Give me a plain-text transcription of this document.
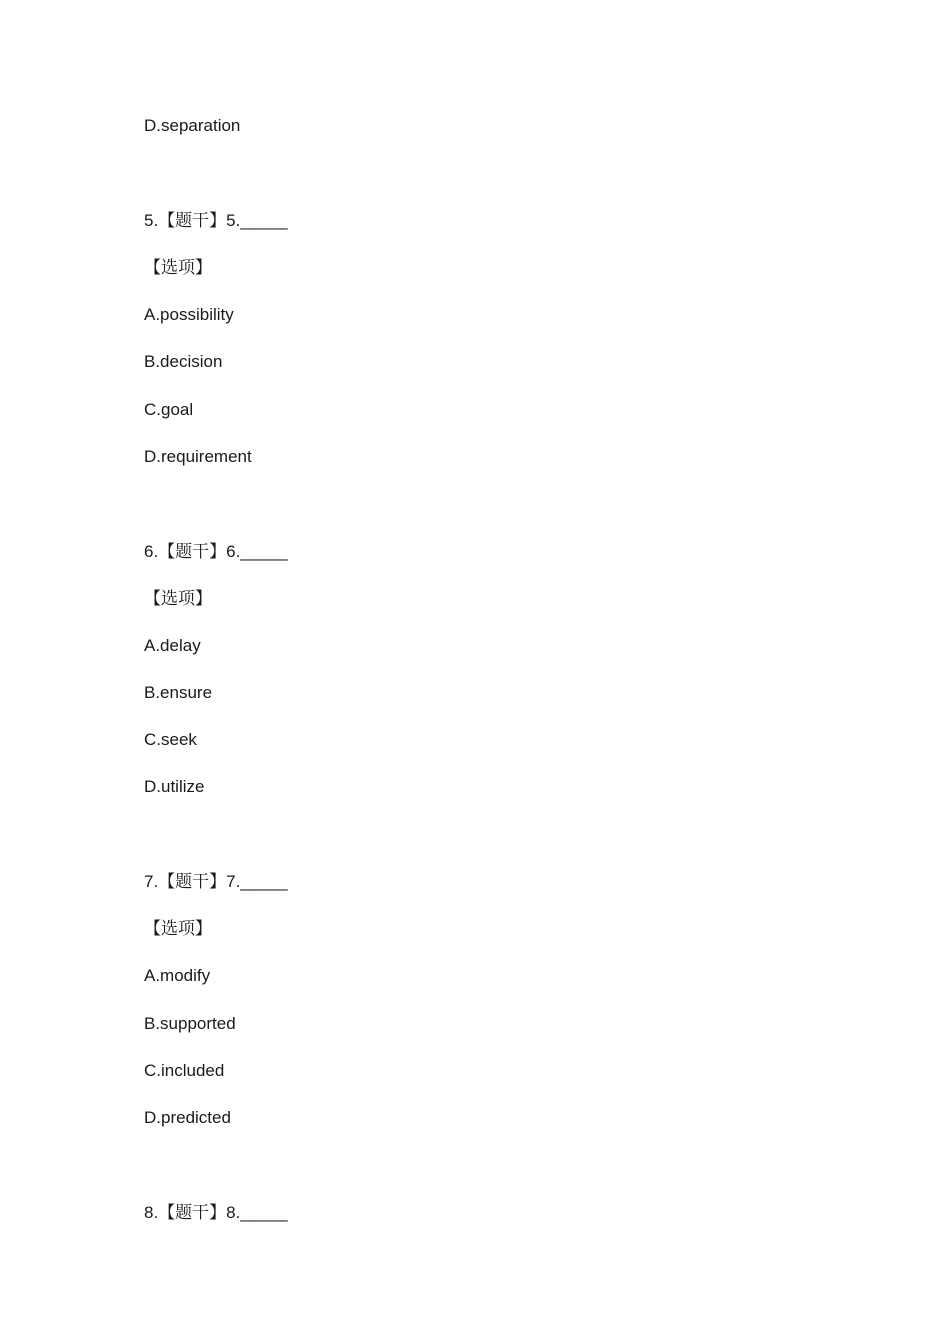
D.separation
5.【题干】5._____
【选项】
A.possibility
B.decision
C.goal
D.requirement
6.【题干】6._____
【选项】
A.delay
B.ensure
C.seek
D.utilize
7.【题干】7._____
【选项】
A.modify
B.supported
C.included
D.predicted
8.【题干】8._____
